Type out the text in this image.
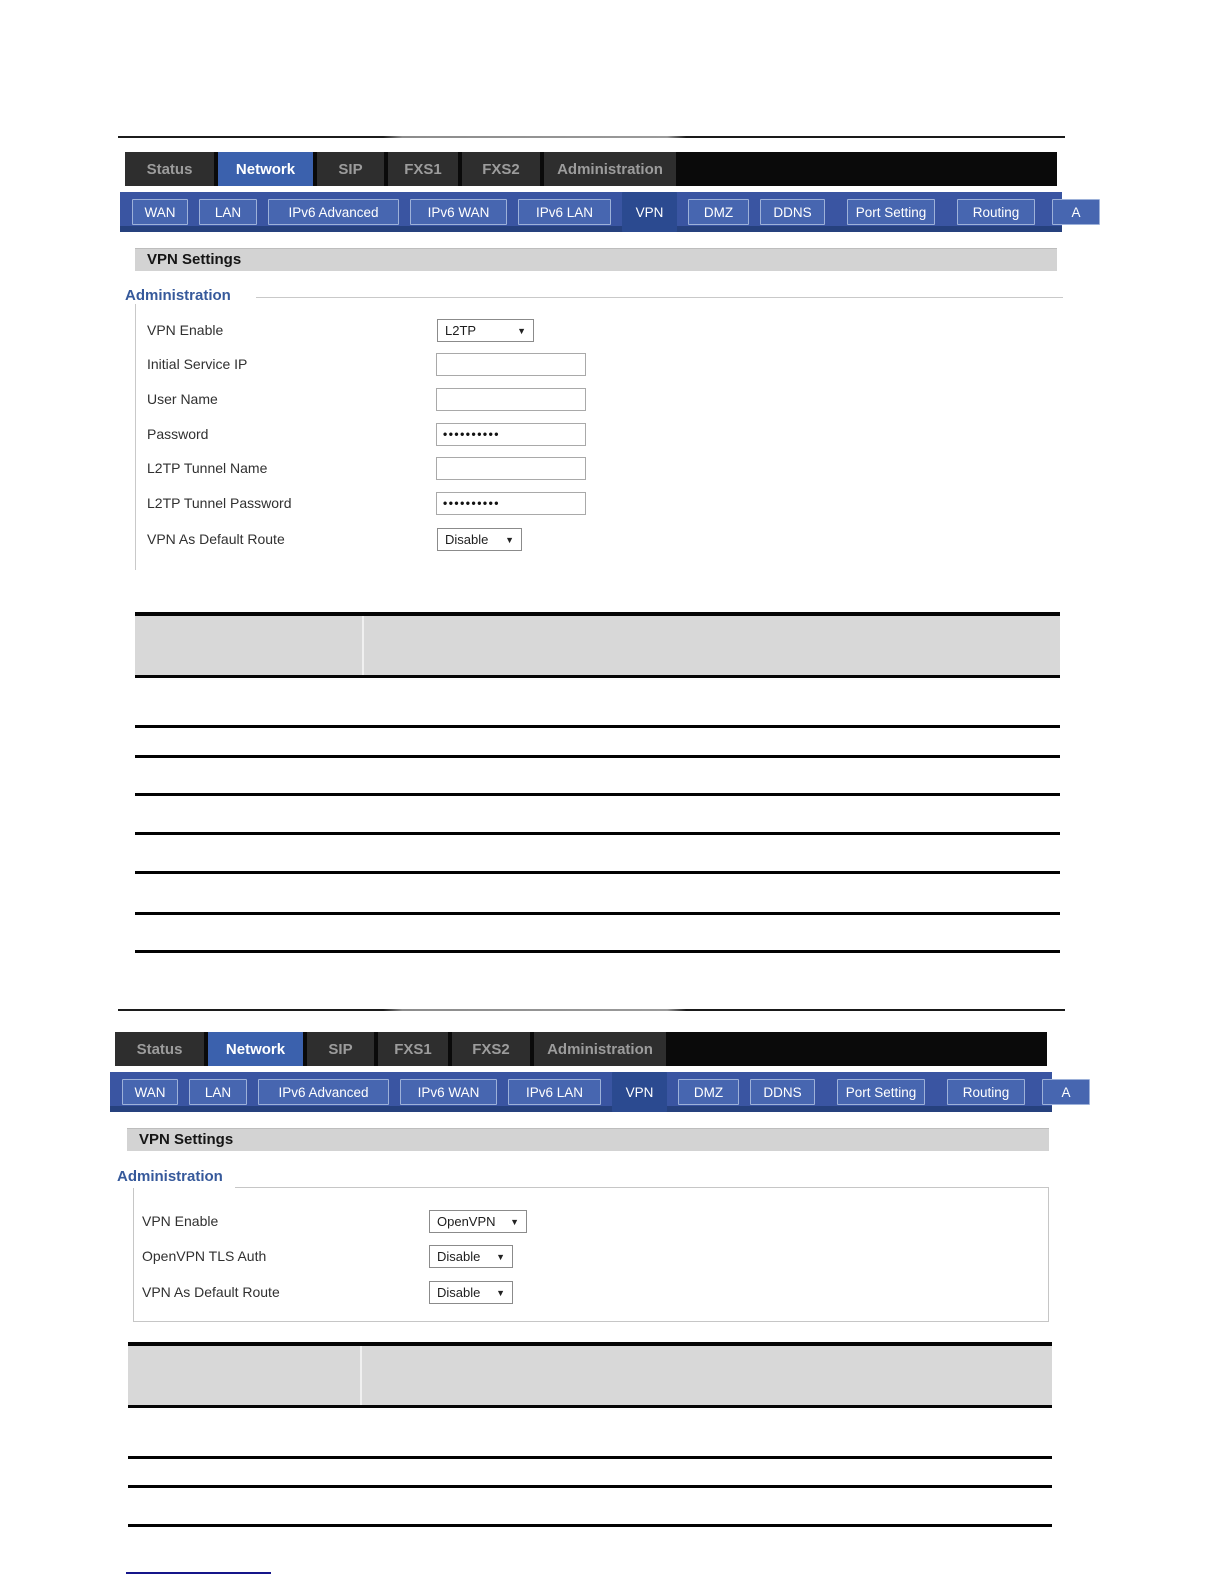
Status	Network	SIP	FXS1	FXS2	Administration
WAN	LAN	IPv6 Advanced	IPv6 WAN	IPv6 LAN	VPN	DMZ	DDNS	Port Setting	Routing	A
VPN Settings
Administration
VPN Enable	L2TP	▼
Initial Service IP
User Name
Password	••••••••••
L2TP Tunnel Name
L2TP Tunnel Password	••••••••••
VPN As Default Route	Disable ▼
Status	Network	SIP	FXS1	FXS2	Administration
WAN	LAN	IPv6 Advanced	IPv6 WAN	IPv6 LAN	VPN	DMZ	DDNS	Port Setting	Routing	A
VPN Settings
Administration
VPN Enable	OpenVPN ▼
OpenVPN TLS Auth	Disable ▼
VPN As Default Route	Disable ▼
